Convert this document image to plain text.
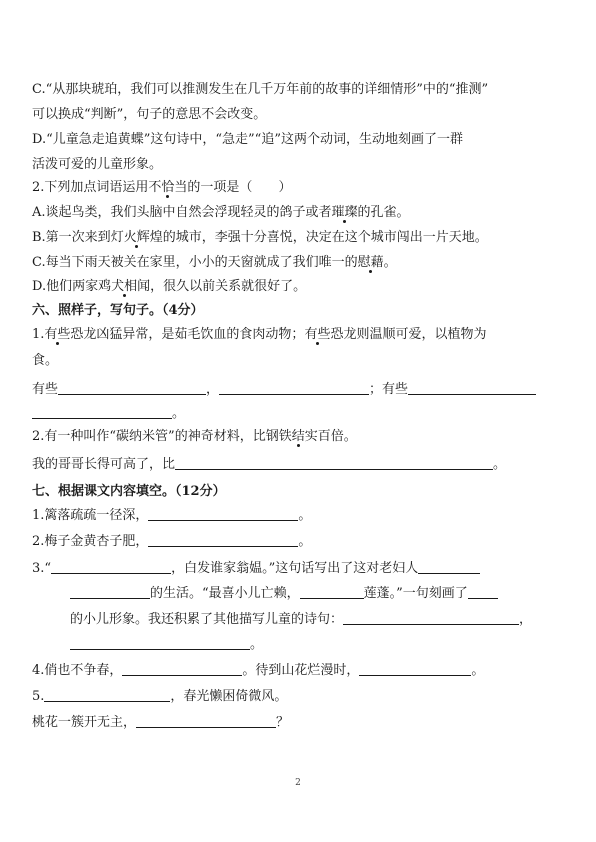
C.“从那块琥珀，我们可以推测发生在几千万年前的故事的详细情形”中的“推测”
可以换成“判断”，句子的意思不会改变。
D.“儿童急走追黄蝶”这句诗中，“急走”“追”这两个动词，生动地刻画了一群
活泼可爱的儿童形象。
2.下列加点词语运用不恰当的一项是（ ）
A.谈起鸟类，我们头脑中自然会浮现轻灵的鸽子或者璀璨的孔雀。
B.第一次来到灯火辉煌的城市，李强十分喜悦，决定在这个城市闯出一片天地。
C.每当下雨天被关在家里，小小的天窗就成了我们唯一的慰藉。
D.他们两家鸡犬相闻，很久以前关系就很好了。
六、照样子，写句子。（4分）
1.有些恐龙凶猛异常，是茹毛饮血的食肉动物；有些恐龙则温顺可爱，以植物为
食。
有些	，	；有些
。
2.有一种叫作“碳纳米管”的神奇材料，比钢铁结实百倍。
我的哥哥长得可高了，比	。
七、根据课文内容填空。（12分）
1.篱落疏疏一径深，	。
2.梅子金黄杏子肥，	。
3.“	，白发谁家翁媪。”这句话写出了这对老妇人
的生活。“最喜小儿亡赖，	莲蓬。”一句刻画了
的小儿形象。我还积累了其他描写儿童的诗句：	，
。
4.俏也不争春，	。待到山花烂漫时，	。
5.	，春光懒困倚微风。
桃花一簇开无主，	？
2
